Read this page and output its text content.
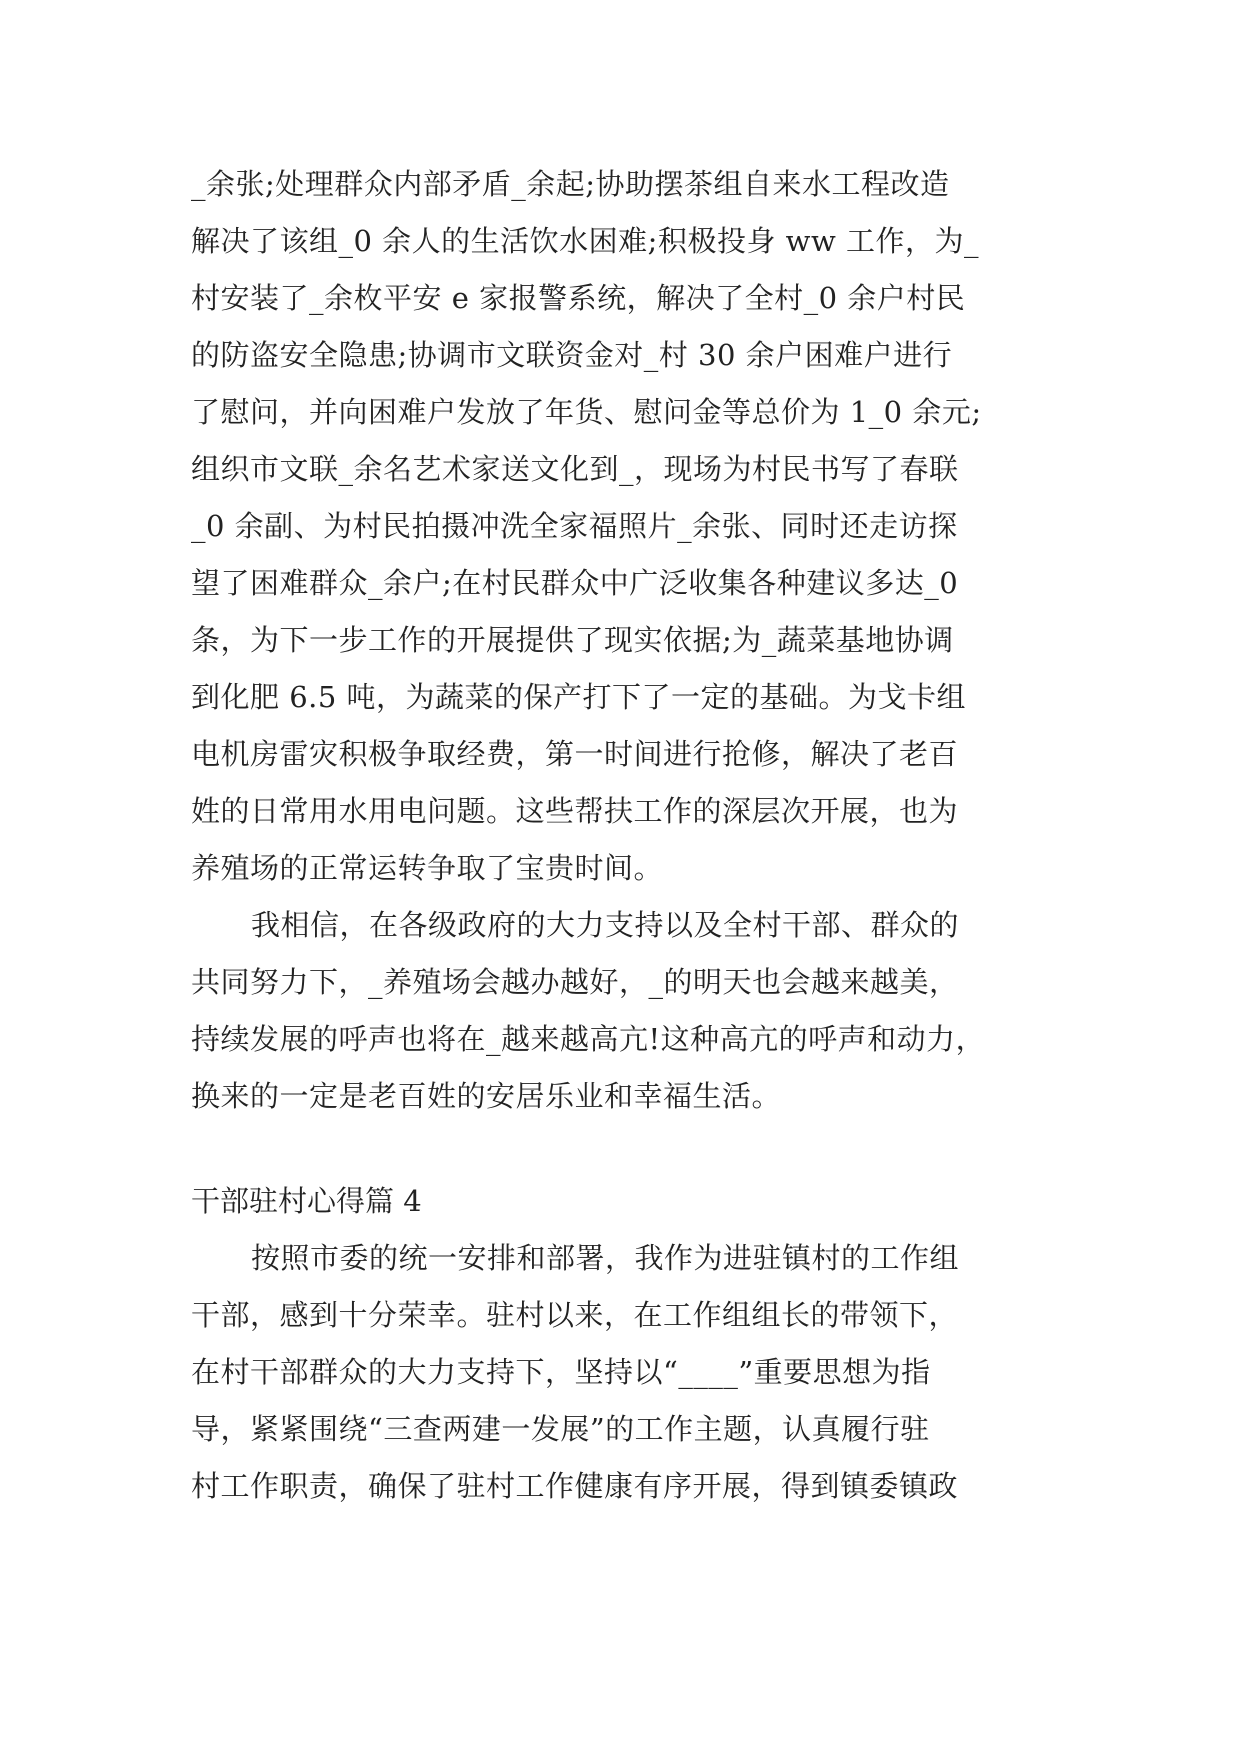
_余张;处理群众内部矛盾_余起;协助摆茶组自来水工程改造
解决了该组_0 余人的生活饮水困难;积极投身 ww 工作，为_
村安装了_余枚平安 e 家报警系统，解决了全村_0 余户村民
的防盗安全隐患;协调市文联资金对_村 30 余户困难户进行
了慰问，并向困难户发放了年货、慰问金等总价为 1_0 余元;
组织市文联_余名艺术家送文化到_，现场为村民书写了春联
_0 余副、为村民拍摄冲洗全家福照片_余张、同时还走访探
望了困难群众_余户;在村民群众中广泛收集各种建议多达_0
条，为下一步工作的开展提供了现实依据;为_蔬菜基地协调
到化肥 6.5 吨，为蔬菜的保产打下了一定的基础。为戈卡组
电机房雷灾积极争取经费，第一时间进行抢修，解决了老百
姓的日常用水用电问题。这些帮扶工作的深层次开展，也为
养殖场的正常运转争取了宝贵时间。
我相信，在各级政府的大力支持以及全村干部、群众的
共同努力下，_养殖场会越办越好，_的明天也会越来越美，
持续发展的呼声也将在_越来越高亢!这种高亢的呼声和动力，
换来的一定是老百姓的安居乐业和幸福生活。
干部驻村心得篇 4
按照市委的统一安排和部署，我作为进驻镇村的工作组
干部，感到十分荣幸。驻村以来，在工作组组长的带领下，
在村干部群众的大力支持下，坚持以“____”重要思想为指
导，紧紧围绕“三查两建一发展”的工作主题，认真履行驻
村工作职责，确保了驻村工作健康有序开展，得到镇委镇政
